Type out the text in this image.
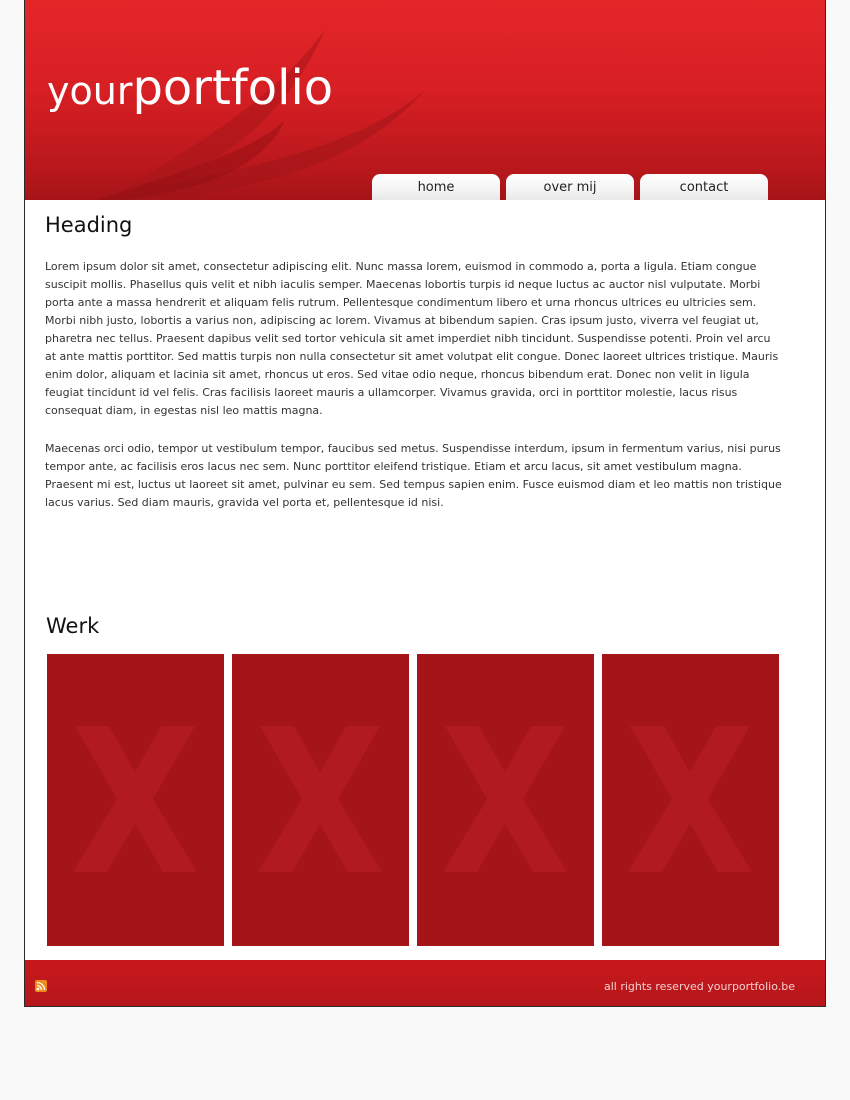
yourportfolio
home	over mij	contact
Heading

Lorem ipsum dolor sit amet, consectetur adipiscing elit. Nunc massa lorem, euismod in commodo a, porta a ligula. Etiam congue suscipit mollis. Phasellus quis velit et nibh iaculis semper. Maecenas lobortis turpis id neque luctus ac auctor nisl vulputate. Morbi porta ante a massa hendrerit et aliquam felis rutrum. Pellentesque condimentum libero et urna rhoncus ultrices eu ultricies sem. Morbi nibh justo, lobortis a varius non, adipiscing ac lorem. Vivamus at bibendum sapien. Cras ipsum justo, viverra vel feugiat ut, pharetra nec tellus. Praesent dapibus velit sed tortor vehicula sit amet imperdiet nibh tincidunt. Suspendisse potenti. Proin vel arcu at ante mattis porttitor. Sed mattis turpis non nulla consectetur sit amet volutpat elit congue. Donec laoreet ultrices tristique. Mauris enim dolor, aliquam et lacinia sit amet, rhoncus ut eros. Sed vitae odio neque, rhoncus bibendum erat. Donec non velit in ligula feugiat tincidunt id vel felis. Cras facilisis laoreet mauris a ullamcorper. Vivamus gravida, orci in porttitor molestie, lacus risus consequat diam, in egestas nisl leo mattis magna.

Maecenas orci odio, tempor ut vestibulum tempor, faucibus sed metus. Suspendisse interdum, ipsum in fermentum varius, nisi purus tempor ante, ac facilisis eros lacus nec sem. Nunc porttitor eleifend tristique. Etiam et arcu lacus, sit amet vestibulum magna. Praesent mi est, luctus ut laoreet sit amet, pulvinar eu sem. Sed tempus sapien enim. Fusce euismod diam et leo mattis non tristique lacus varius. Sed diam mauris, gravida vel porta et, pellentesque id nisi.

Werk
all rights reserved yourportfolio.be
